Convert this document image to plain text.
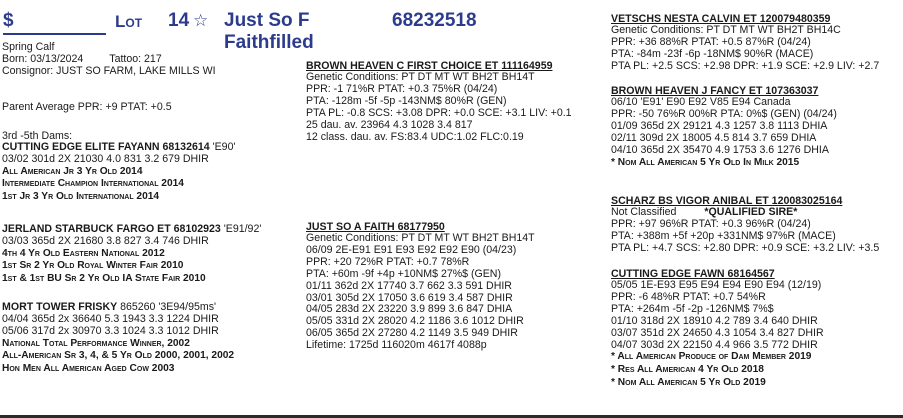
$	Lot 14 ☆ Just So F Faithfilled
68232518
Spring Calf
Born: 03/13/2024 Tattoo: 217
Consignor: JUST SO FARM, LAKE MILLS WI
Parent Average PPR: +9 PTAT: +0.5
3rd -5th Dams:
CUTTING EDGE ELITE FAYANN 68132614 'E90'
03/02 301d 2X 21030 4.0 831 3.2 679 DHIR
All American Jr 3 Yr Old 2014
Intermediate Champion International 2014
1st Jr 3 Yr Old International 2014
JERLAND STARBUCK FARGO ET 68102923 'E91/92'
03/03 365d 2X 21680 3.8 827 3.4 746 DHIR
4th 4 Yr Old Eastern National 2012
1st Sr 2 Yr Old Royal Winter Fair 2010
1st & 1st BU Sr 2 Yr Old IA State Fair 2010
MORT TOWER FRISKY 865260 '3E94/95ms'
04/04 365d 2x 36640 5.3 1943 3.3 1224 DHIR
05/06 317d 2x 30970 3.3 1024 3.3 1012 DHIR
National Total Performance Winner, 2002
All-American Sr 3, 4, & 5 Yr Old 2000, 2001, 2002
Hon Men All American Aged Cow 2003
BROWN HEAVEN C FIRST CHOICE ET 111164959
Genetic Conditions: PT DT MT WT BH2T BH14T
PPR: -1 71%R PTAT: +0.3 75%R (04/24)
PTA: -128m -5f -5p -143NM$ 80%R (GEN)
PTA PL: -0.8 SCS: +3.08 DPR: +0.0 SCE: +3.1 LIV: +0.1
25 dau. av. 23964 4.3 1028 3.4 817
12 class. dau. av. FS:83.4 UDC:1.02 FLC:0.19
JUST SO A FAITH 68177950
Genetic Conditions: PT DT MT WT BH2T BH14T
06/09 2E-E91 E91 E93 E92 E92 E90 (04/23)
PPR: +20 72%R PTAT: +0.7 78%R
PTA: +60m -9f +4p +10NM$ 27%$ (GEN)
01/11 362d 2X 17740 3.7 662 3.3 591 DHIR
03/01 305d 2X 17050 3.6 619 3.4 587 DHIR
04/05 283d 2X 23220 3.9 899 3.6 847 DHIA
05/05 331d 2X 28020 4.2 1186 3.6 1012 DHIR
06/05 365d 2X 27280 4.2 1149 3.5 949 DHIR
Lifetime: 1725d 116020m 4617f 4088p
VETSCHS NESTA CALVIN ET 120079480359
Genetic Conditions: PT DT MT WT BH2T BH14C
PPR: +36 88%R PTAT: +0.5 87%R (04/24)
PTA: -84m -23f -6p -18NM$ 90%R (MACE)
PTA PL: +2.5 SCS: +2.98 DPR: +1.9 SCE: +2.9 LIV: +2.7
BROWN HEAVEN J FANCY ET 107363037
06/10 'E91' E90 E92 V85 E94 Canada
PPR: -50 76%R 00%R PTA: 0%$ (GEN) (04/24)
01/09 365d 2X 29121 4.3 1257 3.8 1113 DHIA
02/11 309d 2X 18005 4.5 814 3.7 659 DHIA
04/10 365d 2X 35470 4.9 1753 3.6 1276 DHIA
* Nom All American 5 Yr Old In Milk 2015
SCHARZ BS VIGOR ANIBAL ET 120083025164
Not Classified	*QUALIFIED SIRE*
PPR: +97 96%R PTAT: +0.3 96%R (04/24)
PTA: +388m +5f +20p +331NM$ 97%R (MACE)
PTA PL: +4.7 SCS: +2.80 DPR: +0.9 SCE: +3.2 LIV: +3.5
CUTTING EDGE FAWN 68164567
05/05 1E-E93 E95 E94 E94 E90 E94 (12/19)
PPR: -6 48%R PTAT: +0.7 54%R
PTA: +264m -5f -2p -126NM$ 7%$
01/10 318d 2X 18910 4.2 789 3.4 640 DHIR
03/07 351d 2X 24650 4.3 1054 3.4 827 DHIR
04/07 303d 2X 22150 4.4 966 3.5 772 DHIR
* All American Produce of Dam Member 2019
* Res All American 4 Yr Old 2018
* Nom All American 5 Yr Old 2019
